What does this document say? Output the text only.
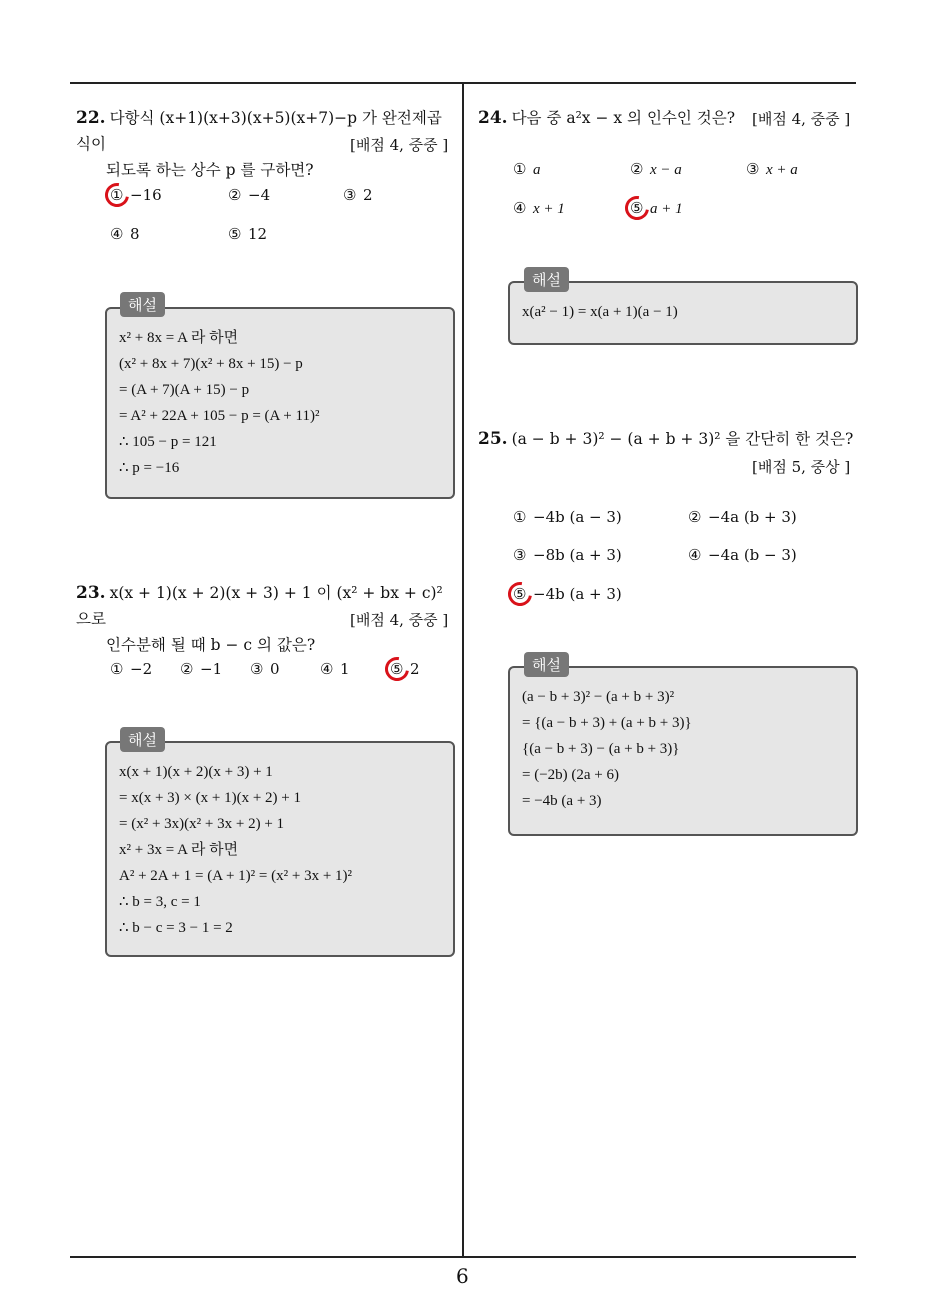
22. 다항식 (x+1)(x+3)(x+5)(x+7)−p 가 완전제곱식이
되도록 하는 상수 p 를 구하면?
[배점 4, 중중 ]
① −16	② −4	③ 2
④ 8	⑤ 12
x² + 8x = A 라 하면
(x² + 8x + 7)(x² + 8x + 15) − p
= (A + 7)(A + 15) − p
= A² + 22A + 105 − p = (A + 11)²
∴ 105 − p = 121
∴ p = −16
해설
23. x(x + 1)(x + 2)(x + 3) + 1 이 (x² + bx + c)² 으로
인수분해 될 때 b − c 의 값은?
[배점 4, 중중 ]
① −2 ② −1 ③ 0	④ 1	⑤ 2
x(x + 1)(x + 2)(x + 3) + 1
= x(x + 3) × (x + 1)(x + 2) + 1
= (x² + 3x)(x² + 3x + 2) + 1
x² + 3x = A 라 하면
A² + 2A + 1 = (A + 1)² = (x² + 3x + 1)²
∴ b = 3, c = 1
∴ b − c = 3 − 1 = 2
해설
24. 다음 중 a²x − x 의 인수인 것은?	[배점 4, 중중 ]
① a	② x − a	③ x + a
④ x + 1	⑤ a + 1
x(a² − 1) = x(a + 1)(a − 1)
해설
25. (a − b + 3)² − (a + b + 3)² 을 간단히 한 것은?
[배점 5, 중상 ]
① −4b (a − 3)	② −4a (b + 3)
③ −8b (a + 3)	④ −4a (b − 3)
⑤ −4b (a + 3)
(a − b + 3)² − (a + b + 3)²
= {(a − b + 3) + (a + b + 3)}
{(a − b + 3) − (a + b + 3)}
= (−2b) (2a + 6)
= −4b (a + 3)
해설
6
